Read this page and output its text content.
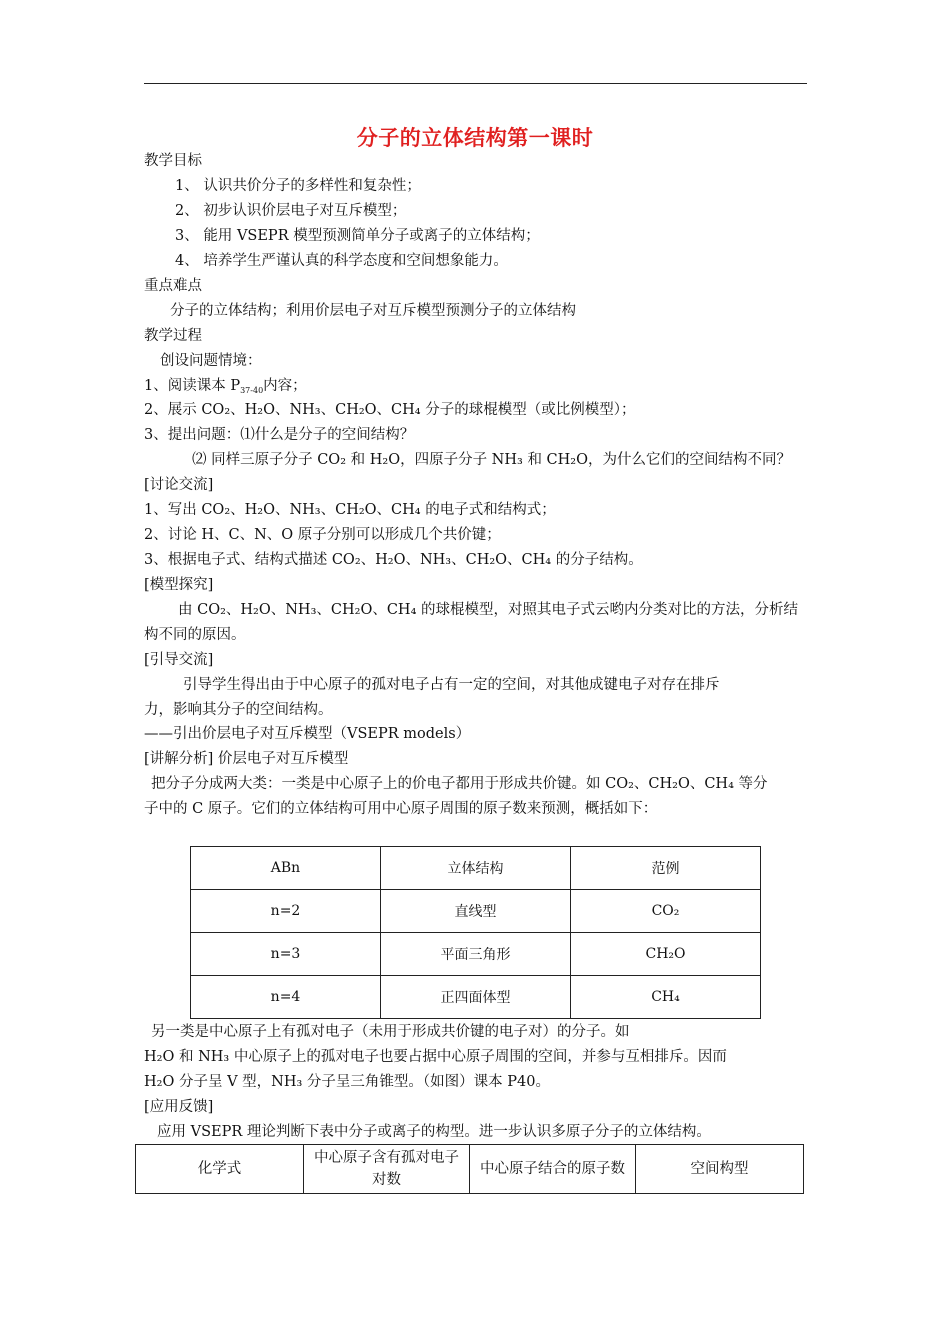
分子的立体结构第一课时
教学目标
1、 认识共价分子的多样性和复杂性；
2、 初步认识价层电子对互斥模型；
3、 能用 VSEPR 模型预测简单分子或离子的立体结构；
4、 培养学生严谨认真的科学态度和空间想象能力。
重点难点
分子的立体结构；利用价层电子对互斥模型预测分子的立体结构
教学过程
创设问题情境：
1、阅读课本 $P_{37-40}$内容；
2、展示 CO₂、H₂O、NH₃、CH₂O、CH₄ 分子的球棍模型（或比例模型）；
3、提出问题：⑴什么是分子的空间结构？
⑵ 同样三原子分子 CO₂ 和 H₂O，四原子分子 NH₃ 和 CH₂O，为什么它们的空间结构不同？
[讨论交流]
1、写出 CO₂、H₂O、NH₃、CH₂O、CH₄ 的电子式和结构式；
2、讨论 H、C、N、O 原子分别可以形成几个共价键；
3、根据电子式、结构式描述 CO₂、H₂O、NH₃、CH₂O、CH₄ 的分子结构。
[模型探究]
由 CO₂、H₂O、NH₃、CH₂O、CH₄ 的球棍模型，对照其电子式云哟内分类对比的方法，分析结
构不同的原因。
[引导交流]
引导学生得出由于中心原子的孤对电子占有一定的空间，对其他成键电子对存在排斥
力，影响其分子的空间结构。
——引出价层电子对互斥模型（VSEPR models）
[讲解分析] 价层电子对互斥模型
把分子分成两大类：一类是中心原子上的价电子都用于形成共价键。如 CO₂、CH₂O、CH₄ 等分
子中的 C 原子。它们的立体结构可用中心原子周围的原子数来预测，概括如下：
ABn	立体结构	范例
n=2	直线型	CO₂
n=3	平面三角形	CH₂O
n=4	正四面体型	CH₄
另一类是中心原子上有孤对电子（未用于形成共价键的电子对）的分子。如
H₂O 和 NH₃ 中心原子上的孤对电子也要占据中心原子周围的空间，并参与互相排斥。因而
H₂O 分子呈 V 型，NH₃ 分子呈三角锥型。（如图）课本 P40。
[应用反馈]
应用 VSEPR 理论判断下表中分子或离子的构型。进一步认识多原子分子的立体结构。
化学式	中心原子含有孤对电子对数	中心原子结合的原子数	空间构型
